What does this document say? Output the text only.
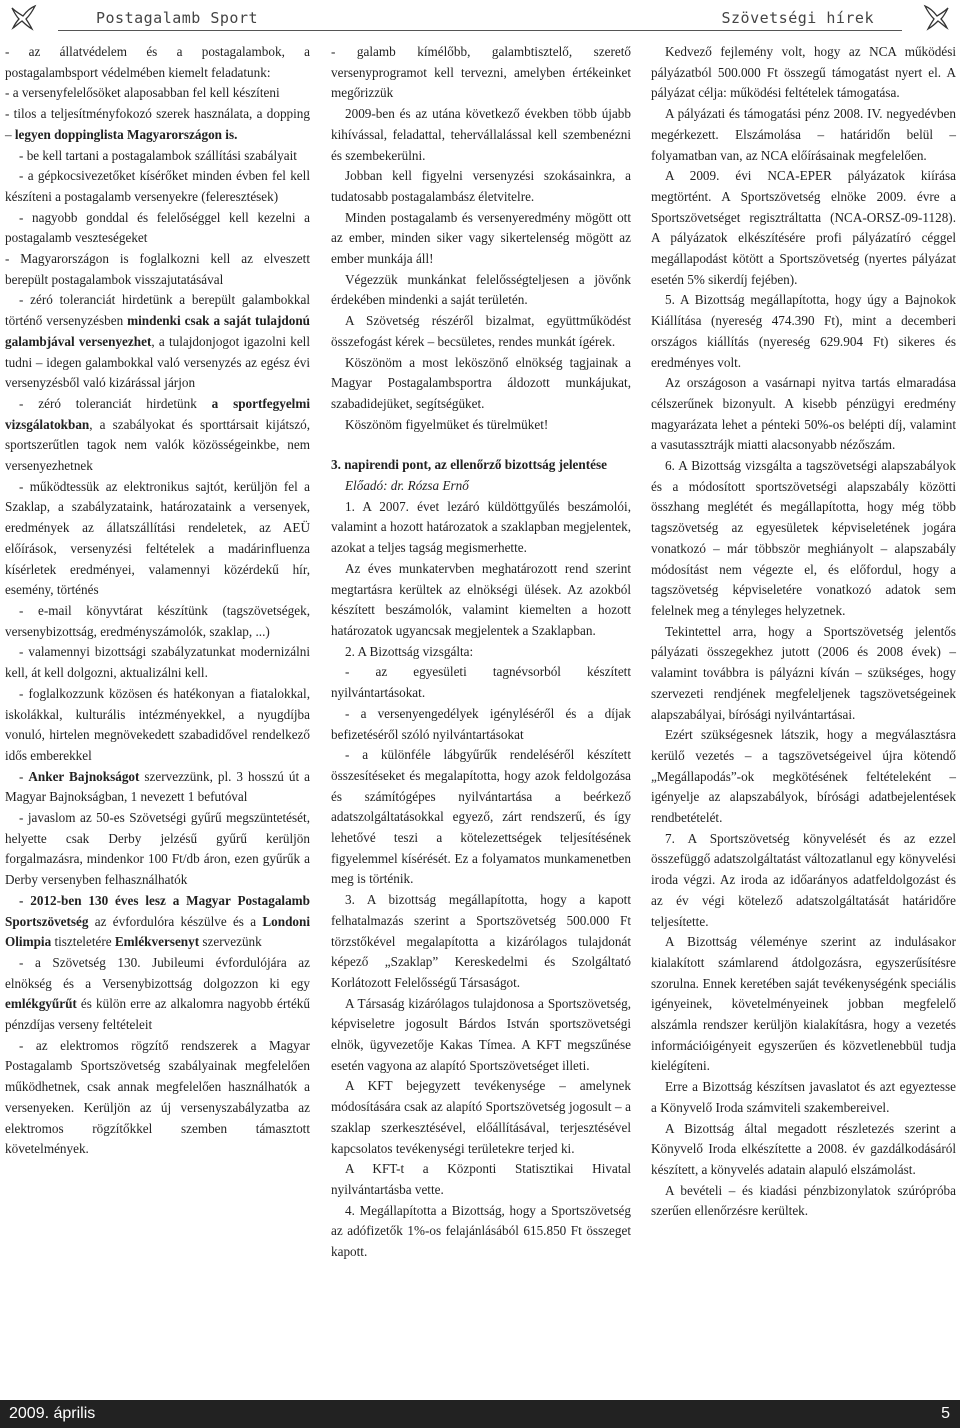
Postagalamb Sport	Szövetségi hírek

- az állatvédelem és a postagalambok, a postagalambsport védelmében kiemelt feladatunk:

- a versenyfelelősöket alaposabban fel kell készíteni

- tilos a teljesítményfokozó szerek használata, a dopping – legyen doppinglista Magyarországon is.

- be kell tartani a postagalambok szállítási szabályait

- a gépkocsivezetőket kísérőket minden évben fel kell készíteni a postagalamb versenyekre (feleresztések)

- nagyobb gonddal és felelőséggel kell kezelni a postagalamb veszteségeket

- Magyarországon is foglalkozni kell az elveszett berepült postagalambok visszajutatásával

- zéró toleranciát hirdetünk a berepült galambokkal történő versenyzésben mindenki csak a saját tulajdonú galambjával versenyezhet, a tulajdonjogot igazolni kell tudni – idegen galambokkal való versenyzés az egész évi versenyzésből való kizárással járjon

- zéró toleranciát hirdetünk a sportfegyelmi vizsgálatokban, a szabályokat és sporttársait kijátszó, sportszerűtlen tagok nem valók közösségeinkbe, nem versenyezhetnek

- működtessük az elektronikus sajtót, kerüljön fel a Szaklap, a szabályzataink, határozataink a versenyek, eredmények az állatszállítási rendeletek, az AEÜ előírások, versenyzési feltételek a madárinfluenza kísérletek eredményei, valamennyi közérdekű hír, esemény, történés

- e-mail könyvtárat készítünk (tagszövetségek, versenybizottság, eredményszámolók, szaklap, ...)

- valamennyi bizottsági szabályzatunkat modernizálni kell, át kell dolgozni, aktualizálni kell.

- foglalkozzunk közösen és hatékonyan a fiatalokkal, iskolákkal, kulturális intézményekkel, a nyugdíjba vonuló, hirtelen megnövekedett szabadidővel rendelkező idős emberekkel

- Anker Bajnokságot szervezzünk, pl. 3 hosszú út a Magyar Bajnokságban, 1 nevezett 1 befutóval

- javaslom az 50-es Szövetségi gyűrű megszüntetését, helyette csak Derby jelzésű gyűrű kerüljön forgalmazásra, mindenkor 100 Ft/db áron, ezen gyűrűk a Derby versenyben felhasználhatók

- 2012-ben 130 éves lesz a Magyar Postagalamb Sportszövetség az évfordulóra készülve és a Londoni Olimpia tiszteletére Emlékversenyt szervezünk

- a Szövetség 130. Jubileumi évfordulójára az elnökség és a Versenybizottság dolgozzon ki egy emlékgyűrűt és külön erre az alkalomra nagyobb értékű pénzdíjas verseny feltételeit

- az elektromos rögzítő rendszerek a Magyar Postagalamb Sportszövetség szabályainak megfelelően működhetnek, csak annak megfelelően használhatók a versenyeken. Kerüljön az új versenyszabályzatba az elektromos rögzítőkkel szemben támasztott követelmények.

- galamb kímélőbb, galambtisztelő, szerető versenyprogramot kell tervezni, amelyben értékeinket megőrizzük

2009-ben és az utána következő években több újabb kihívással, feladattal, tehervállalással kell szembenézni és szembekerülni.

Jobban kell figyelni versenyzési szokásainkra, a tudatosabb postagalambász életvitelre.

Minden postagalamb és versenyeredmény mögött ott az ember, minden siker vagy sikertelenség mögött az ember munkája áll!

Végezzük munkánkat felelősségteljesen a jövőnk érdekében mindenki a saját területén.

A Szövetség részéről bizalmat, együttműködést összefogást kérek – becsületes, rendes munkát ígérek.

Köszönöm a most leköszönő elnökség tagjainak a Magyar Postagalambsportra áldozott munkájukat, szabadidejüket, segítségüket.

Köszönöm figyelmüket és türelmüket!

3. napirendi pont, az ellenőrző bizottság jelentése

Előadó: dr. Rózsa Ernő

1. A 2007. évet lezáró küldöttgyűlés beszámolói, valamint a hozott határozatok a szaklapban megjelentek, azokat a teljes tagság megismerhette.

Az éves munkatervben meghatározott rend szerint megtartásra kerültek az elnökségi ülések. Az azokból készített beszámolók, valamint kiemelten a hozott határozatok ugyancsak megjelentek a Szaklapban.

2. A Bizottság vizsgálta:

- az egyesületi tagnévsorból készített nyilvántartásokat.

- a versenyengedélyek igényléséről és a díjak befizetéséről szóló nyilvántartásokat

- a különféle lábgyűrűk rendeléséről készített összesítéseket és megalapította, hogy azok feldolgozása és számítógépes nyilvántartása a beérkező adatszolgáltatásokkal egyező, zárt rendszerű, és így lehetővé teszi a kötelezettségek teljesítésének figyelemmel kísérését. Ez a folyamatos munkamenetben meg is történik.

3. A bizottság megállapította, hogy a kapott felhatalmazás szerint a Sportszövetség 500.000 Ft törzstőkével megalapította a kizárólagos tulajdonát képező „Szaklap” Kereskedelmi és Szolgáltató Korlátozott Felelősségű Társaságot.

A Társaság kizárólagos tulajdonosa a Sportszövetség, képviseletre jogosult Bárdos István sportszövetségi elnök, ügyvezetője Kakas Tímea. A KFT megszűnése esetén vagyona az alapító Sportszövetséget illeti.

A KFT bejegyzett tevékenysége – amelynek módosítására csak az alapító Sportszövetség jogosult – a szaklap szerkesztésével, előállításával, terjesztésével kapcsolatos tevékenységi területekre terjed ki.

A KFT-t a Központi Statisztikai Hivatal nyilvántartásba vette.

4. Megállapította a Bizottság, hogy a Sportszövetség az adófizetők 1%-os felajánlásából 615.850 Ft összeget kapott.

Kedvező fejlemény volt, hogy az NCA működési pályázatból 500.000 Ft összegű támogatást nyert el. A pályázat célja: működési feltételek támogatása.

A pályázati és támogatási pénz 2008. IV. negyedévben megérkezett. Elszámolása – határidőn belül – folyamatban van, az NCA előírásainak megfelelően.

A 2009. évi NCA-EPER pályázatok kiírása megtörtént. A Sportszövetség elnöke 2009. évre a Sportszövetséget regisztráltatta (NCA-ORSZ-09-1128). A pályázatok elkészítésére profi pályázatíró céggel megállapodást kötött a Sportszövetség (nyertes pályázat esetén 5% sikerdíj fejében).

5. A Bizottság megállapította, hogy úgy a Bajnokok Kiállítása (nyereség 474.390 Ft), mint a decemberi országos kiállítás (nyereség 629.904 Ft) sikeres és eredményes volt.

Az országoson a vasárnapi nyitva tartás elmaradása célszerűnek bizonyult. A kisebb pénzügyi eredmény magyarázata lehet a pénteki 50%-os belépti díj, valamint a vasutassztrájk miatti alacsonyabb nézőszám.

6. A Bizottság vizsgálta a tagszövetségi alapszabályok és a módosított sportszövetségi alapszabály közötti összhang meglétét és megállapította, hogy még több tagszövetség az egyesületek képviseletének jogára vonatkozó – már többször meghiányolt – alapszabály módosítást nem végezte el, és előfordul, hogy a tagszövetség képviseletére vonatkozó adatok sem felelnek meg a tényleges helyzetnek.

Tekintettel arra, hogy a Sportszövetség jelentős pályázati összegekhez jutott (2006 és 2008 évek) – valamint továbbra is pályázni kíván – szükséges, hogy szervezeti rendjének megfeleljenek tagszövetségeinek alapszabályai, bírósági nyilvántartásai.

Ezért szükségesnek látszik, hogy a megválasztásra kerülő vezetés – a tagszövetségeivel újra kötendő „Megállapodás”-ok megkötésének feltételeként – igényelje az alapszabályok, bírósági adatbejelentések rendbetételét.

7. A Sportszövetség könyvelését és az ezzel összefüggő adatszolgáltatást változatlanul egy könyvelési iroda végzi. Az iroda az időarányos adatfeldolgozást és az év végi kötelező adatszolgáltatását határidőre teljesítette.

A Bizottság véleménye szerint az indulásakor kialakított számlarend átdolgozásra, egyszerűsítésre szorulna. Ennek keretében saját tevékenységénk speciális igényeinek, követelményeinek jobban megfelelő alszámla rendszer kerüljön kialakításra, hogy a vezetés információigényeit egyszerűen és közvetlenebbül tudja kielégíteni.

Erre a Bizottság készítsen javaslatot és azt egyeztesse a Könyvelő Iroda számviteli szakembereivel.

A Bizottság által megadott részletezés szerint a Könyvelő Iroda elkészítette a 2008. év gazdálkodásáról készített, a könyvelés adatain alapuló elszámolást.

A bevételi – és kiadási pénzbizonylatok szúrópróba szerűen ellenőrzésre kerültek.

2009. április	5
